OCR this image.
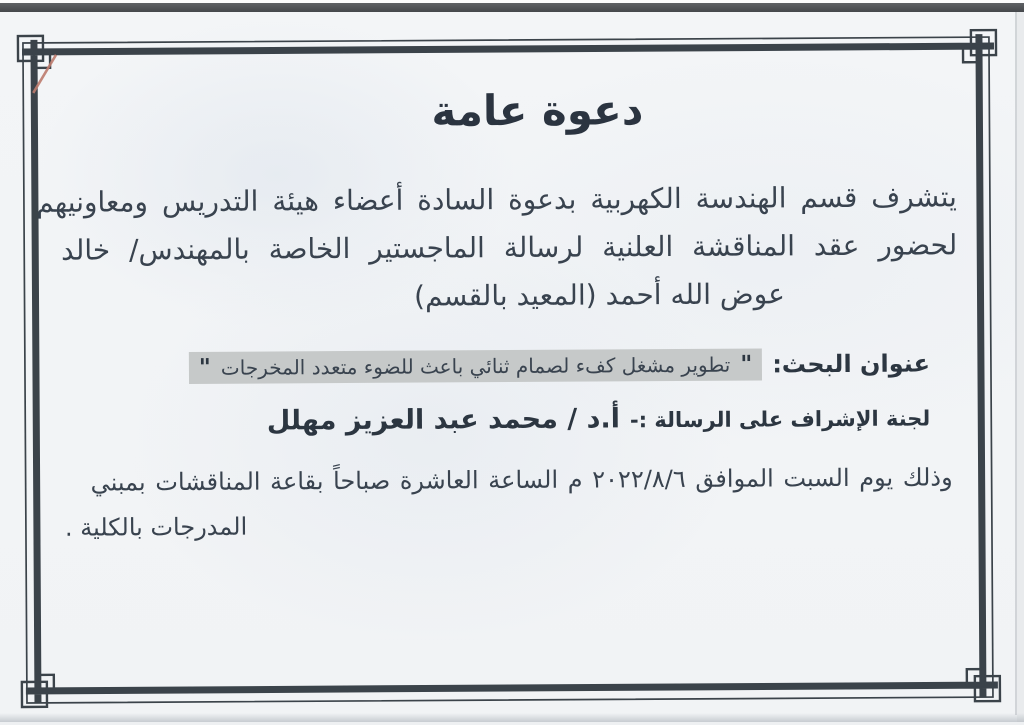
دعوة عامة
يتشرف قسم الهندسة الكهربية بدعوة السادة أعضاء هيئة التدريس ومعاونيهم
لحضور عقد المناقشة العلنية لرسالة الماجستير الخاصة بالمهندس/ خالد
عوض الله أحمد (المعيد بالقسم)
عنوان البحث:
"
تطوير مشغل كفء لصمام ثنائي باعث للضوء متعدد المخرجات
"
لجنة الإشراف على الرسالة :-
أ.د / محمد عبد العزيز مهلل
وذلك يوم السبت الموافق ٢٠٢٢/٨/٦ م الساعة العاشرة صباحاً بقاعة المناقشات بمبني
المدرجات بالكلية .
